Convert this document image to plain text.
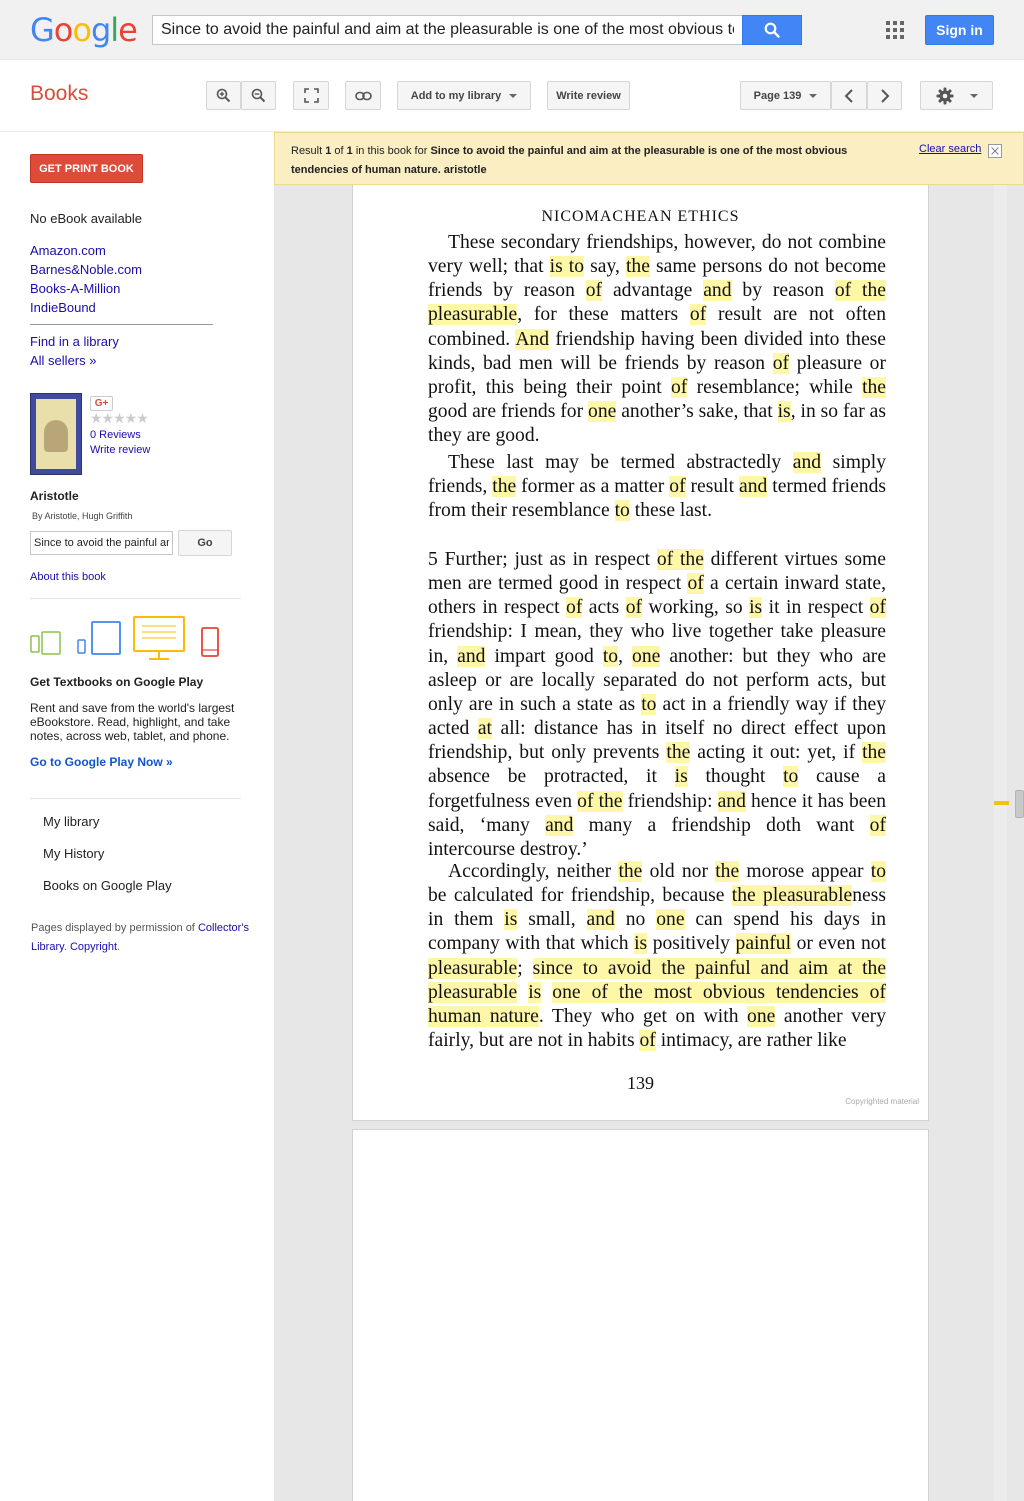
Google
Since to avoid the painful and aim at the pleasurable is one of the most obvious tendencies of human nature. aristotle	Sign in
Books	Add to my library	Write review	Page 139
GET PRINT BOOK
No eBook available
Amazon.com
Barnes&Noble.com
Books-A-Million
IndieBound
Find in a library
All sellers »
G+
★★★★★
0 Reviews
Write review
Aristotle
By Aristotle, Hugh Griffith
Since to avoid the painful and aim at the pleasurable
Go
About this book
Get Textbooks on Google Play
Rent and save from the world's largest eBookstore. Read, highlight, and take notes, across web, tablet, and phone.
Go to Google Play Now »
My library
My History
Books on Google Play
Pages displayed by permission of Collector's Library. Copyright.
Result 1 of 1 in this book for Since to avoid the painful and aim at the pleasurable is one of the most obvious tendencies of human nature. aristotle
Clear search
NICOMACHEAN ETHICS
These secondary friendships, however, do not combine very well; that is to say, the same persons do not become friends by reason of advantage and by reason of the pleasurable, for these matters of result are not often combined. And friendship having been divided into these kinds, bad men will be friends by reason of pleasure or profit, this being their point of resemblance; while the good are friends for one another’s sake, that is, in so far as they are good.
These last may be termed abstractedly and simply friends, the former as a matter of result and termed friends from their resemblance to these last.
5 Further; just as in respect of the different virtues some men are termed good in respect of a certain inward state, others in respect of acts of working, so is it in respect of friendship: I mean, they who live together take pleasure in, and impart good to, one another: but they who are asleep or are locally separated do not perform acts, but only are in such a state as to act in a friendly way if they acted at all: distance has in itself no direct effect upon friendship, but only prevents the acting it out: yet, if the absence be protracted, it is thought to cause a forgetfulness even of the friendship: and hence it has been said, ‘many and many a friendship doth want of intercourse destroy.’
Accordingly, neither the old nor the morose appear to be calculated for friendship, because the pleasurableness in them is small, and no one can spend his days in company with that which is positively painful or even not pleasurable; since to avoid the painful and aim at the pleasurable is one of the most obvious tendencies of human nature. They who get on with one another very fairly, but are not in habits of intimacy, are rather like
139
Copyrighted material
